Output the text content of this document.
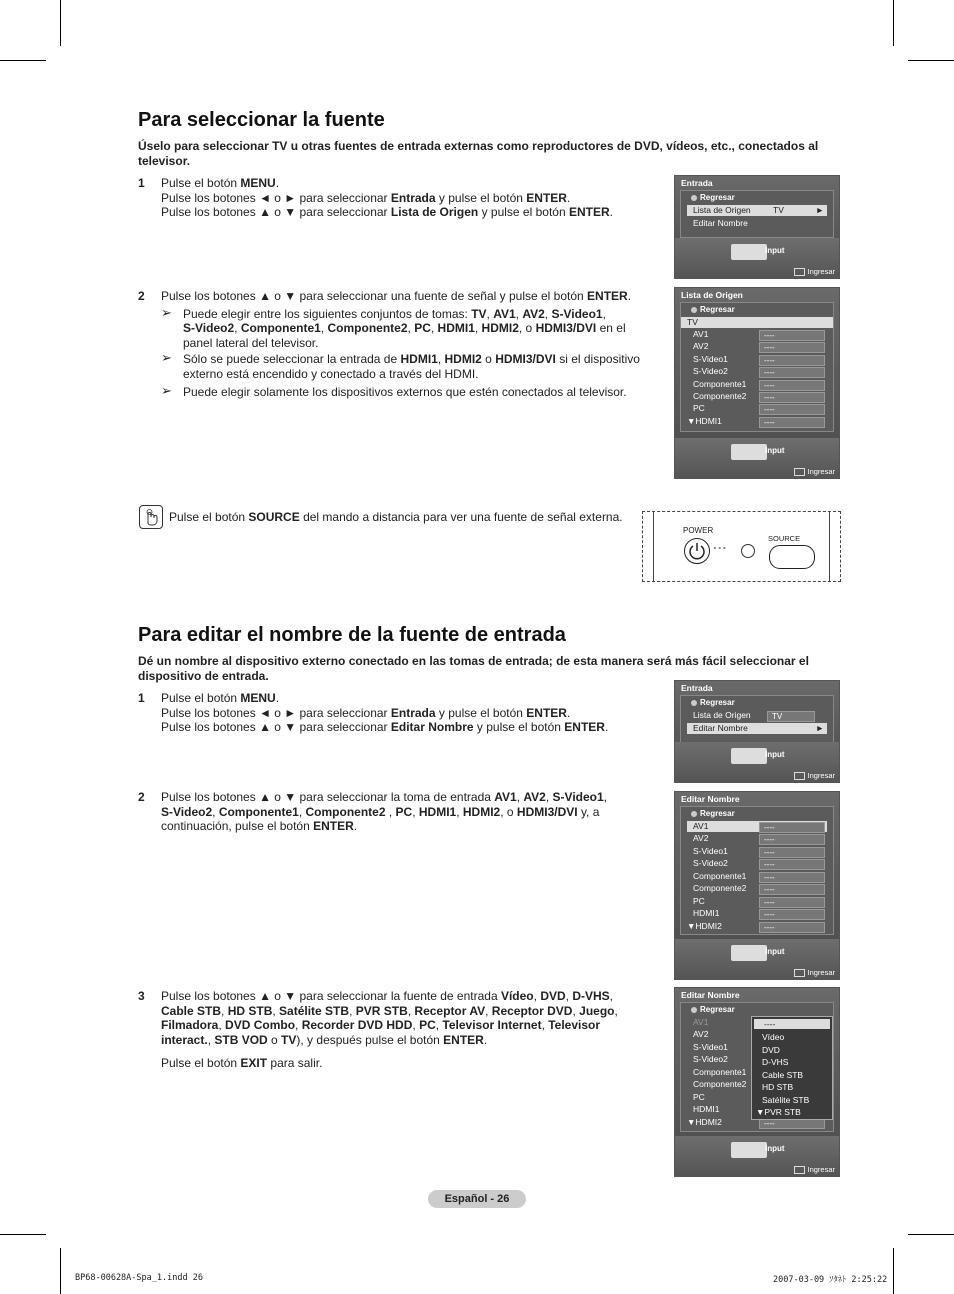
Para seleccionar la fuente
Úselo para seleccionar TV u otras fuentes de entrada externas como reproductores de DVD, vídeos, etc., conectados al televisor.
1 Pulse el botón MENU.
Pulse los botones ◄ o ► para seleccionar Entrada y pulse el botón ENTER.
Pulse los botones ▲ o ▼ para seleccionar Lista de Origen y pulse el botón ENTER.
2 Pulse los botones ▲ o ▼ para seleccionar una fuente de señal y pulse el botón ENTER.
➢ Puede elegir entre los siguientes conjuntos de tomas: TV, AV1, AV2, S-Video1,
S-Video2, Componente1, Componente2, PC, HDMI1, HDMI2, o HDMI3/DVI en el
panel lateral del televisor.
➢ Sólo se puede seleccionar la entrada de HDMI1, HDMI2 o HDMI3/DVI si el dispositivo
externo está encendido y conectado a través del HDMI.
➢ Puede elegir solamente los dispositivos externos que estén conectados al televisor.
Pulse el botón SOURCE del mando a distancia para ver una fuente de señal externa.
POWER
∘∘∘
SOURCE
Para editar el nombre de la fuente de entrada
Dé un nombre al dispositivo externo conectado en las tomas de entrada; de esta manera será más fácil seleccionar el dispositivo de entrada.
1 Pulse el botón MENU.
Pulse los botones ◄ o ► para seleccionar Entrada y pulse el botón ENTER.
Pulse los botones ▲ o ▼ para seleccionar Editar Nombre y pulse el botón ENTER.
2 Pulse los botones ▲ o ▼ para seleccionar la toma de entrada AV1, AV2, S-Video1,
S-Video2, Componente1, Componente2 , PC, HDMI1, HDMI2, o HDMI3/DVI y, a
continuación, pulse el botón ENTER.
3 Pulse los botones ▲ o ▼ para seleccionar la fuente de entrada Vídeo, DVD, D-VHS,
Cable STB, HD STB, Satélite STB, PVR STB, Receptor AV, Receptor DVD, Juego,
Filmadora, DVD Combo, Recorder DVD HDD, PC, Televisor Internet, Televisor
interact., STB VOD o TV), y después pulse el botón ENTER.
Pulse el botón EXIT para salir.
Entrada
Regresar
Lista de Origen	TV	►
Editar Nombre
Input
Ingresar
Lista de Origen
Regresar
TV
AV1	----
AV2	----
S-Video1	----
S-Video2	----
Componente1	----
Componente2	----
PC	----
▼HDMI1	----
Input
Ingresar
Entrada
Regresar
Lista de Origen	TV
Editar Nombre	►
Input
Ingresar
Editar Nombre
Regresar
AV1	----
AV2	----
S-Video1	----
S-Video2	----
Componente1	----
Componente2	----
PC	----
HDMI1	----
▼HDMI2	----
Input
Ingresar
Editar Nombre
Regresar
AV1
AV2
S-Video1
S-Video2
Componente1
Componente2
PC
HDMI1
▼HDMI2	----
----
Vídeo
DVD
D-VHS
Cable STB
HD STB
Satélite STB
▼PVR STB
Input
Ingresar
Español - 26
BP68-00628A-Spa_1.indd 26	2007-03-09 ｿﾀﾈﾄ 2:25:22
